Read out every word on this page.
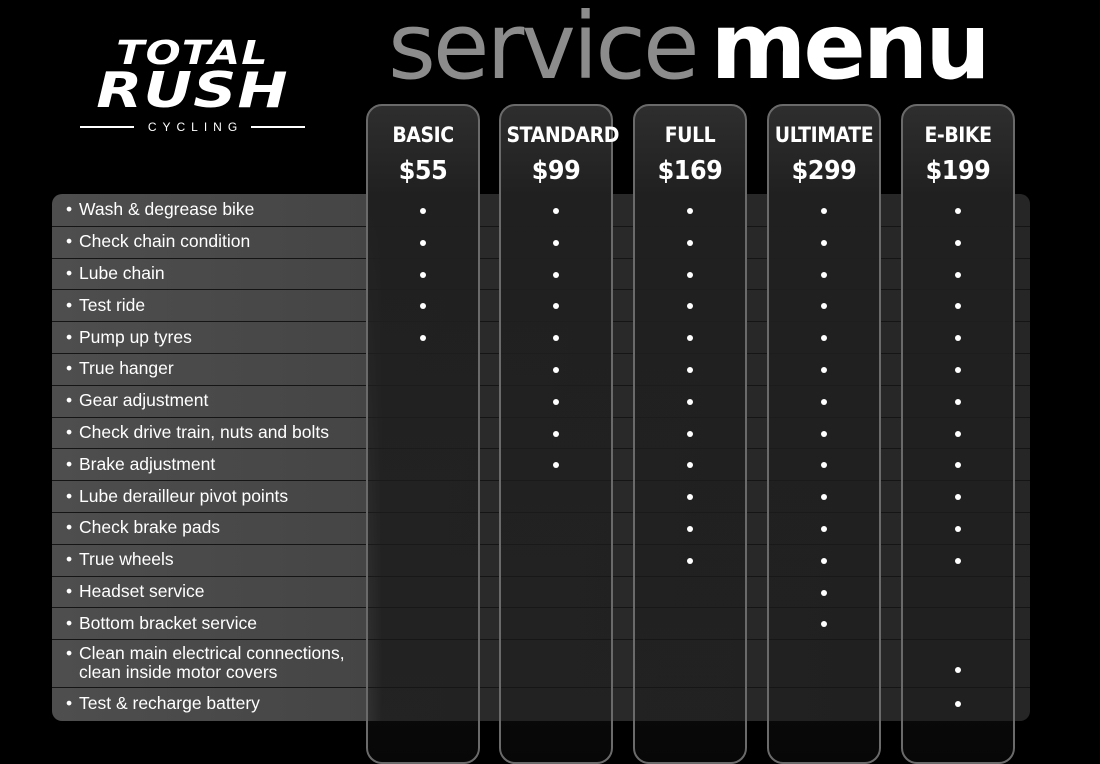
TOTAL
RUSH
CYCLING
service menu
BASIC
$55
STANDARD
$99
FULL
$169
ULTIMATE
$299
E-BIKE
$199
• Wash & degrease bike
• Check chain condition
• Lube chain
• Test ride
• Pump up tyres
• True hanger
• Gear adjustment
• Check drive train, nuts and bolts
• Brake adjustment
• Lube derailleur pivot points
• Check brake pads
• True wheels
• Headset service
• Bottom bracket service
• Clean main electrical connections,
clean inside motor covers
• Test & recharge battery
